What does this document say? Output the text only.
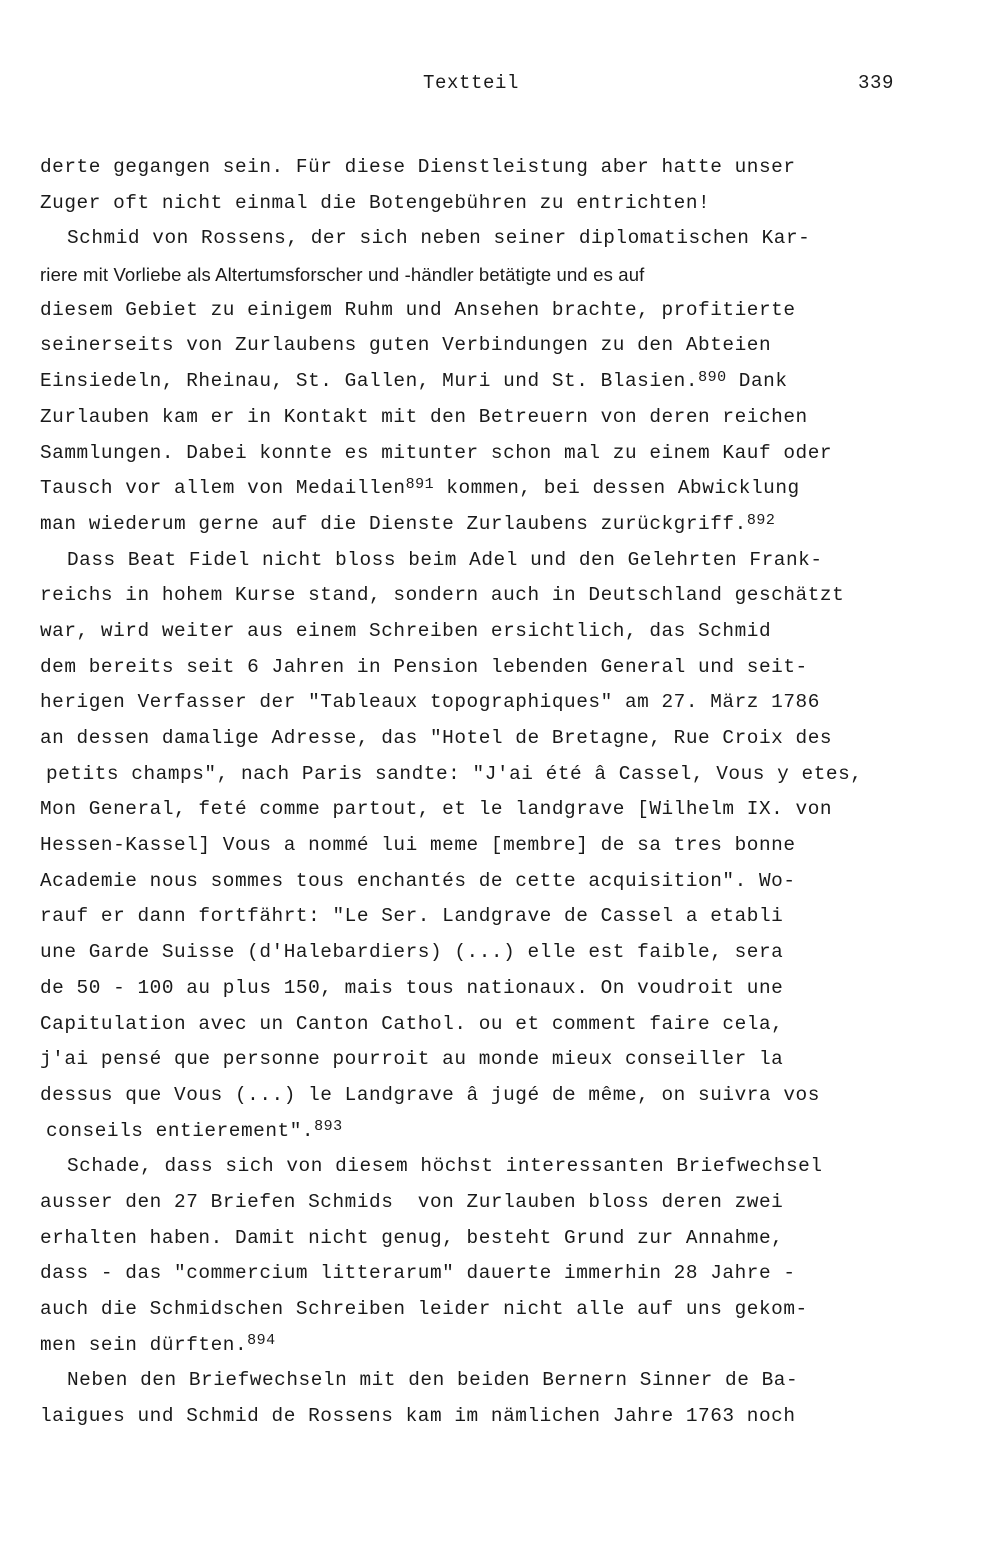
Textteil	339
derte gegangen sein. Für diese Dienstleistung aber hatte unser
Zuger oft nicht einmal die Botengebühren zu entrichten!
Schmid von Rossens, der sich neben seiner diplomatischen Kar-
riere mit Vorliebe als Altertumsforscher und -händler betätigte und es auf
diesem Gebiet zu einigem Ruhm und Ansehen brachte, profitierte
seinerseits von Zurlaubens guten Verbindungen zu den Abteien
Einsiedeln, Rheinau, St. Gallen, Muri und St. Blasien.$^{890}$ Dank
Zurlauben kam er in Kontakt mit den Betreuern von deren reichen
Sammlungen. Dabei konnte es mitunter schon mal zu einem Kauf oder
Tausch vor allem von Medaillen$^{891}$ kommen, bei dessen Abwicklung
man wiederum gerne auf die Dienste Zurlaubens zurückgriff.$^{892}$
Dass Beat Fidel nicht bloss beim Adel und den Gelehrten Frank-
reichs in hohem Kurse stand, sondern auch in Deutschland geschätzt
war, wird weiter aus einem Schreiben ersichtlich, das Schmid
dem bereits seit 6 Jahren in Pension lebenden General und seit-
herigen Verfasser der "Tableaux topographiques" am 27. März 1786
an dessen damalige Adresse, das "Hotel de Bretagne, Rue Croix des
petits champs", nach Paris sandte: "J'ai été â Cassel, Vous y etes,
Mon General, feté comme partout, et le landgrave [Wilhelm IX. von
Hessen-Kassel] Vous a nommé lui meme [membre] de sa tres bonne
Academie nous sommes tous enchantés de cette acquisition". Wo-
rauf er dann fortfährt: "Le Ser. Landgrave de Cassel a etabli
une Garde Suisse (d'Halebardiers) (...) elle est faible, sera
de 50 - 100 au plus 150, mais tous nationaux. On voudroit une
Capitulation avec un Canton Cathol. ou et comment faire cela,
j'ai pensé que personne pourroit au monde mieux conseiller la
dessus que Vous (...) le Landgrave â jugé de même, on suivra vos
conseils entierement".$^{893}$
Schade, dass sich von diesem höchst interessanten Briefwechsel
ausser den 27 Briefen Schmids  von Zurlauben bloss deren zwei
erhalten haben. Damit nicht genug, besteht Grund zur Annahme,
dass - das "commercium litterarum" dauerte immerhin 28 Jahre -
auch die Schmidschen Schreiben leider nicht alle auf uns gekom-
men sein dürften.$^{894}$
Neben den Briefwechseln mit den beiden Bernern Sinner de Ba-
laigues und Schmid de Rossens kam im nämlichen Jahre 1763 noch
